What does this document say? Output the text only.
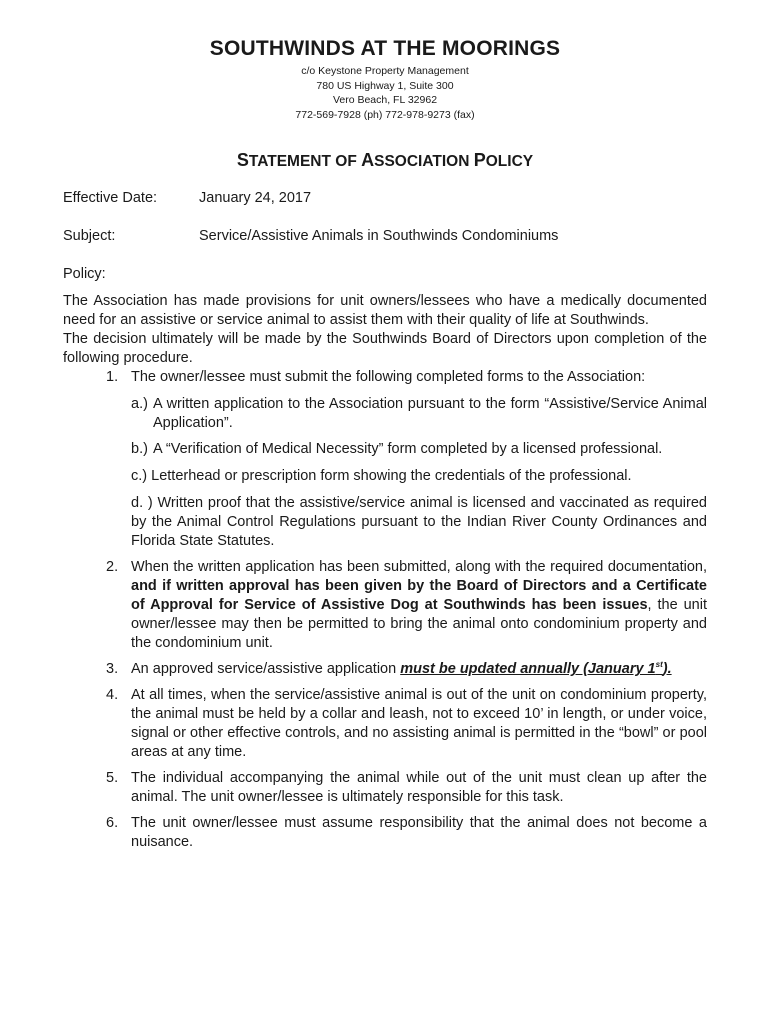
SOUTHWINDS AT THE MOORINGS
c/o Keystone Property Management
780 US Highway 1, Suite 300
Vero Beach, FL 32962
772-569-7928 (ph) 772-978-9273 (fax)
STATEMENT OF ASSOCIATION POLICY
Effective Date:	January 24, 2017
Subject:	Service/Assistive Animals in Southwinds Condominiums
Policy:

The Association has made provisions for unit owners/lessees who have a medically documented need for an assistive or service animal to assist them with their quality of life at Southwinds.

The decision ultimately will be made by the Southwinds Board of Directors upon completion of the following procedure.

1. The owner/lessee must submit the following completed forms to the Association:
a.) A written application to the Association pursuant to the form “Assistive/Service Animal Application”.
b.) A “Verification of Medical Necessity” form completed by a licensed professional.
c.) Letterhead or prescription form showing the credentials of the professional.
d. ) Written proof that the assistive/service animal is licensed and vaccinated as required by the Animal Control Regulations pursuant to the Indian River County Ordinances and Florida State Statutes.
2. When the written application has been submitted, along with the required documentation, and if written approval has been given by the Board of Directors and a Certificate of Approval for Service of Assistive Dog at Southwinds has been issues, the unit owner/lessee may then be permitted to bring the animal onto condominium property and the condominium unit.
3. An approved service/assistive application must be updated annually (January 1st).
4. At all times, when the service/assistive animal is out of the unit on condominium property, the animal must be held by a collar and leash, not to exceed 10’ in length, or under voice, signal or other effective controls, and no assisting animal is permitted in the “bowl” or pool areas at any time.
5. The individual accompanying the animal while out of the unit must clean up after the animal. The unit owner/lessee is ultimately responsible for this task.
6. The unit owner/lessee must assume responsibility that the animal does not become a nuisance.
